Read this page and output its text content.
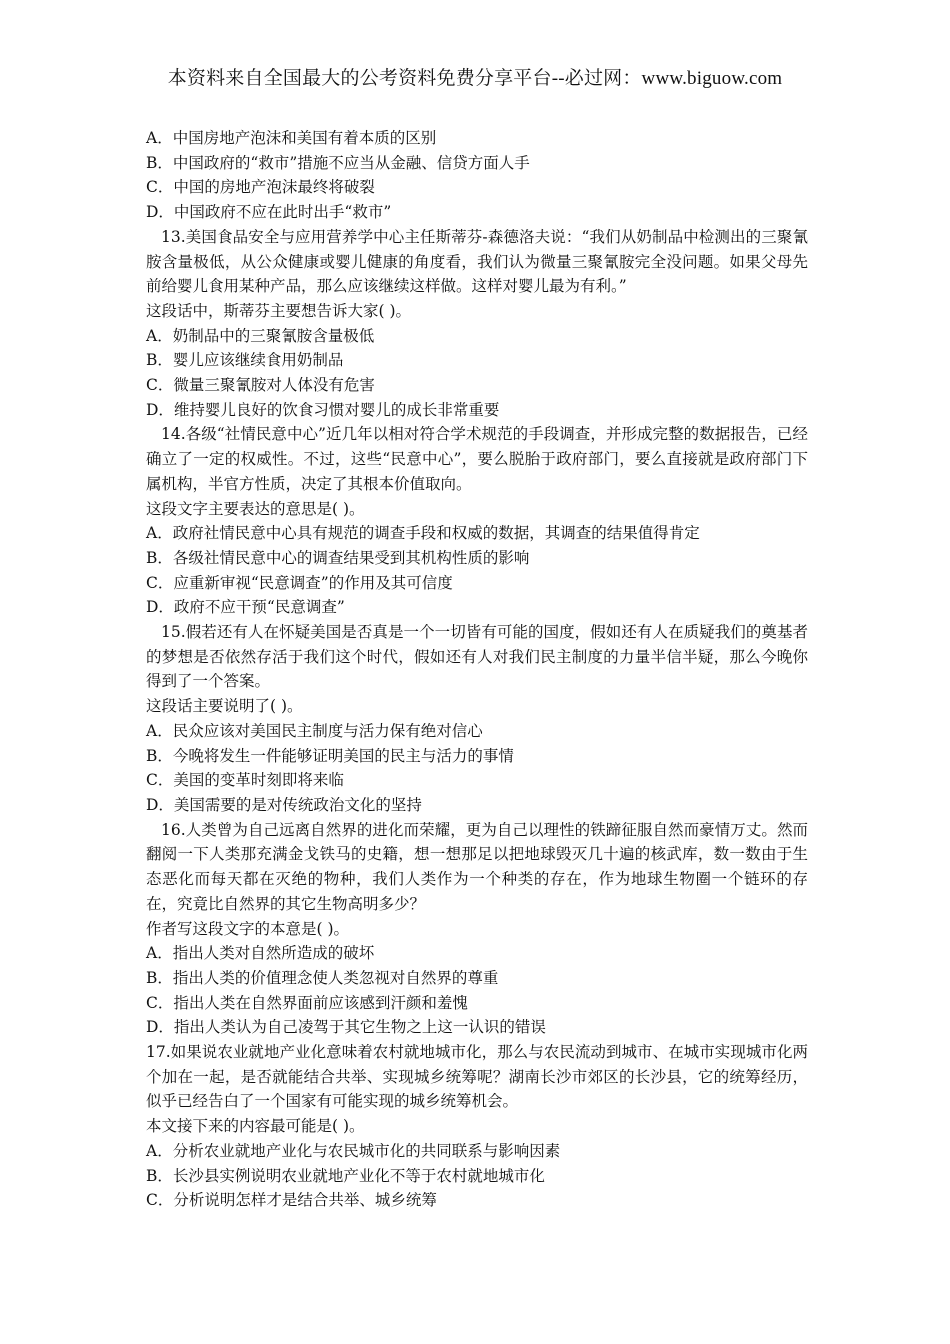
本资料来自全国最大的公考资料免费分享平台--必过网：www.biguow.com

A．中国房地产泡沫和美国有着本质的区别

B．中国政府的“救市”措施不应当从金融、信贷方面人手

C．中国的房地产泡沫最终将破裂

D．中国政府不应在此时出手“救市”

13.美国食品安全与应用营养学中心主任斯蒂芬-森德洛夫说：“我们从奶制品中检测出的三聚氰胺含量极低，从公众健康或婴儿健康的角度看，我们认为微量三聚氰胺完全没问题。如果父母先前给婴儿食用某种产品，那么应该继续这样做。这样对婴儿最为有利。”

这段话中，斯蒂芬主要想告诉大家( )。

A．奶制品中的三聚氰胺含量极低

B．婴儿应该继续食用奶制品

C．微量三聚氰胺对人体没有危害

D．维持婴儿良好的饮食习惯对婴儿的成长非常重要

14.各级“社情民意中心”近几年以相对符合学术规范的手段调查，并形成完整的数据报告，已经确立了一定的权威性。不过，这些“民意中心”，要么脱胎于政府部门，要么直接就是政府部门下属机构，半官方性质，决定了其根本价值取向。

这段文字主要表达的意思是( )。

A．政府社情民意中心具有规范的调查手段和权威的数据，其调查的结果值得肯定

B．各级社情民意中心的调查结果受到其机构性质的影响

C．应重新审视“民意调查”的作用及其可信度

D．政府不应干预“民意调查”

15.假若还有人在怀疑美国是否真是一个一切皆有可能的国度，假如还有人在质疑我们的奠基者的梦想是否依然存活于我们这个时代，假如还有人对我们民主制度的力量半信半疑，那么今晚你得到了一个答案。

这段话主要说明了( )。

A．民众应该对美国民主制度与活力保有绝对信心

B．今晚将发生一件能够证明美国的民主与活力的事情

C．美国的变革时刻即将来临

D．美国需要的是对传统政治文化的坚持

16.人类曾为自己远离自然界的进化而荣耀，更为自己以理性的铁蹄征服自然而豪情万丈。然而翻阅一下人类那充满金戈铁马的史籍，想一想那足以把地球毁灭几十遍的核武库，数一数由于生态恶化而每天都在灭绝的物种，我们人类作为一个种类的存在，作为地球生物圈一个链环的存在，究竟比自然界的其它生物高明多少？

作者写这段文字的本意是( )。

A．指出人类对自然所造成的破坏

B．指出人类的价值理念使人类忽视对自然界的尊重

C．指出人类在自然界面前应该感到汗颜和羞愧

D．指出人类认为自己凌驾于其它生物之上这一认识的错误

17.如果说农业就地产业化意味着农村就地城市化，那么与农民流动到城市、在城市实现城市化两个加在一起，是否就能结合共举、实现城乡统筹呢？湖南长沙市郊区的长沙县，它的统筹经历，似乎已经告白了一个国家有可能实现的城乡统筹机会。

本文接下来的内容最可能是( )。

A．分析农业就地产业化与农民城市化的共同联系与影响因素

B．长沙县实例说明农业就地产业化不等于农村就地城市化

C．分析说明怎样才是结合共举、城乡统筹
